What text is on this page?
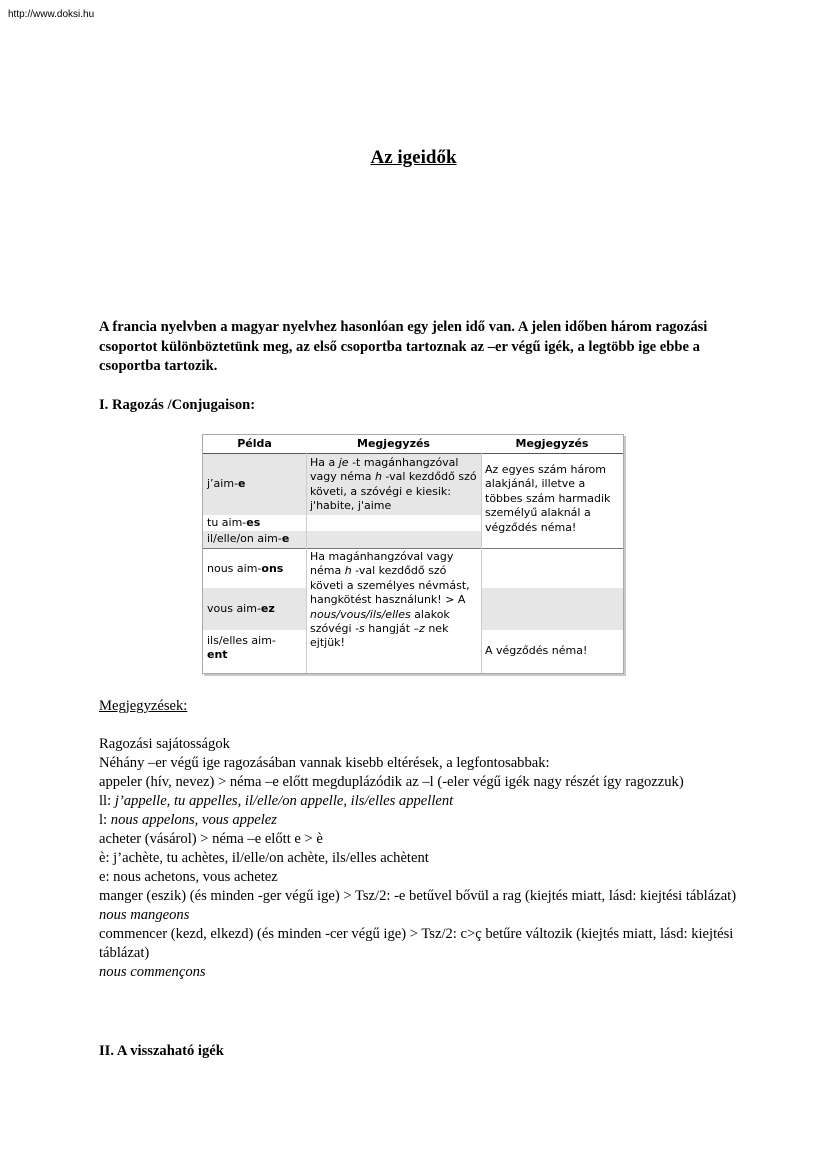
http://www.doksi.hu
Az igeidők
A francia nyelvben a magyar nyelvhez hasonlóan egy jelen idő van. A jelen időben három ragozási csoportot különböztetünk meg, az első csoportba tartoznak az –er végű igék, a legtöbb ige ebbe a csoportba tartozik.
I. Ragozás /Conjugaison:
Példa	Megjegyzés	Megjegyzés
j’aim- e
Ha a je -t magánhangzóval vagy néma h -val kezdődő szó követi, a szóvégi e kiesik: j'habite, j'aime
tu aim- es
il/elle/on aim- e
Az egyes szám három alakjánál, illetve a többes szám harmadik személyű alaknál a végződés néma!
nous aim- ons
vous aim- ez
ils/elles aim-
ent
Ha magánhangzóval vagy néma h -val kezdődő szó követi a személyes névmást, hangkötést használunk! > A nous/vous/ils/elles alakok szóvégi -s hangját –z nek ejtjük!
A végződés néma!

Megjegyzések:

Ragozási sajátosságok

Néhány –er végű ige ragozásában vannak kisebb eltérések, a legfontosabbak:

appeler (hív, nevez) > néma –e előtt megduplázódik az –l (-eler végű igék nagy részét így ragozzuk)

ll: j’appelle, tu appelles, il/elle/on appelle, ils/elles appellent

l: nous appelons, vous appelez

acheter (vásárol) > néma –e előtt e > è

è: j’achète, tu achètes, il/elle/on achète, ils/elles achètent

e: nous achetons, vous achetez

manger (eszik) (és minden -ger végű ige) > Tsz/2: -e betűvel bővül a rag (kiejtés miatt, lásd: kiejtési táblázat)

nous mangeons

commencer (kezd, elkezd) (és minden -cer végű ige) > Tsz/2: c>ç betűre változik (kiejtés miatt, lásd: kiejtési táblázat)

nous commençons

II. A visszaható igék
